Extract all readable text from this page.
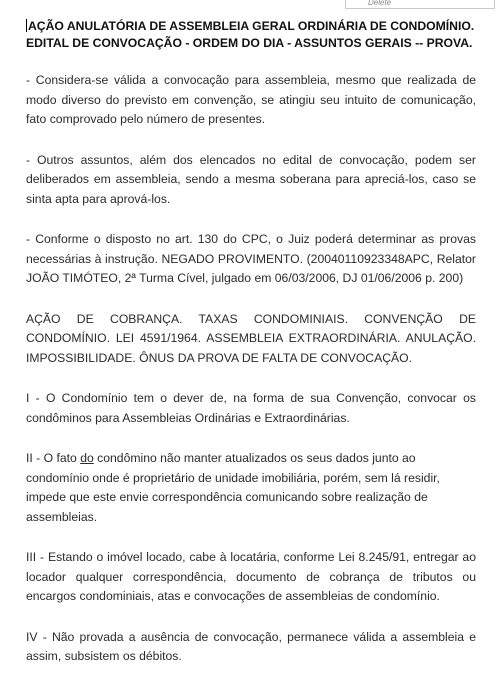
Delete

AÇÃO ANULATÓRIA DE ASSEMBLEIA GERAL ORDINÁRIA DE CONDOMÍNIO.
EDITAL DE CONVOCAÇÃO - ORDEM DO DIA - ASSUNTOS GERAIS -- PROVA.

- Considera-se válida a convocação para assembleia, mesmo que realizada de modo diverso do previsto em convenção, se atingiu seu intuito de comunicação, fato comprovado pelo número de presentes.

- Outros assuntos, além dos elencados no edital de convocação, podem ser deliberados em assembleia, sendo a mesma soberana para apreciá-los, caso se sinta apta para aprová-los.

- Conforme o disposto no art. 130 do CPC, o Juiz poderá determinar as provas necessárias à instrução. NEGADO PROVIMENTO. (20040110923348APC, Relator JOÃO TIMÓTEO, 2ª Turma Cível, julgado em 06/03/2006, DJ 01/06/2006 p. 200)

AÇÃO DE COBRANÇA. TAXAS CONDOMINIAIS. CONVENÇÃO DE CONDOMÍNIO. LEI 4591/1964. ASSEMBLEIA EXTRAORDINÁRIA. ANULAÇÃO. IMPOSSIBILIDADE. ÔNUS DA PROVA DE FALTA DE CONVOCAÇÃO.

I - O Condomínio tem o dever de, na forma de sua Convenção, convocar os condôminos para Assembleias Ordinárias e Extraordinárias.

II - O fato do condômino não manter atualizados os seus dados junto ao condomínio onde é proprietário de unidade imobiliária, porém, sem lá residir, impede que este envie correspondência comunicando sobre realização de assembleias.

III - Estando o imóvel locado, cabe à locatária, conforme Lei 8.245/91, entregar ao locador qualquer correspondência, documento de cobrança de tributos ou encargos condominiais, atas e convocações de assembleias de condomínio.

IV - Não provada a ausência de convocação, permanece válida a assembleia e assim, subsistem os débitos.
